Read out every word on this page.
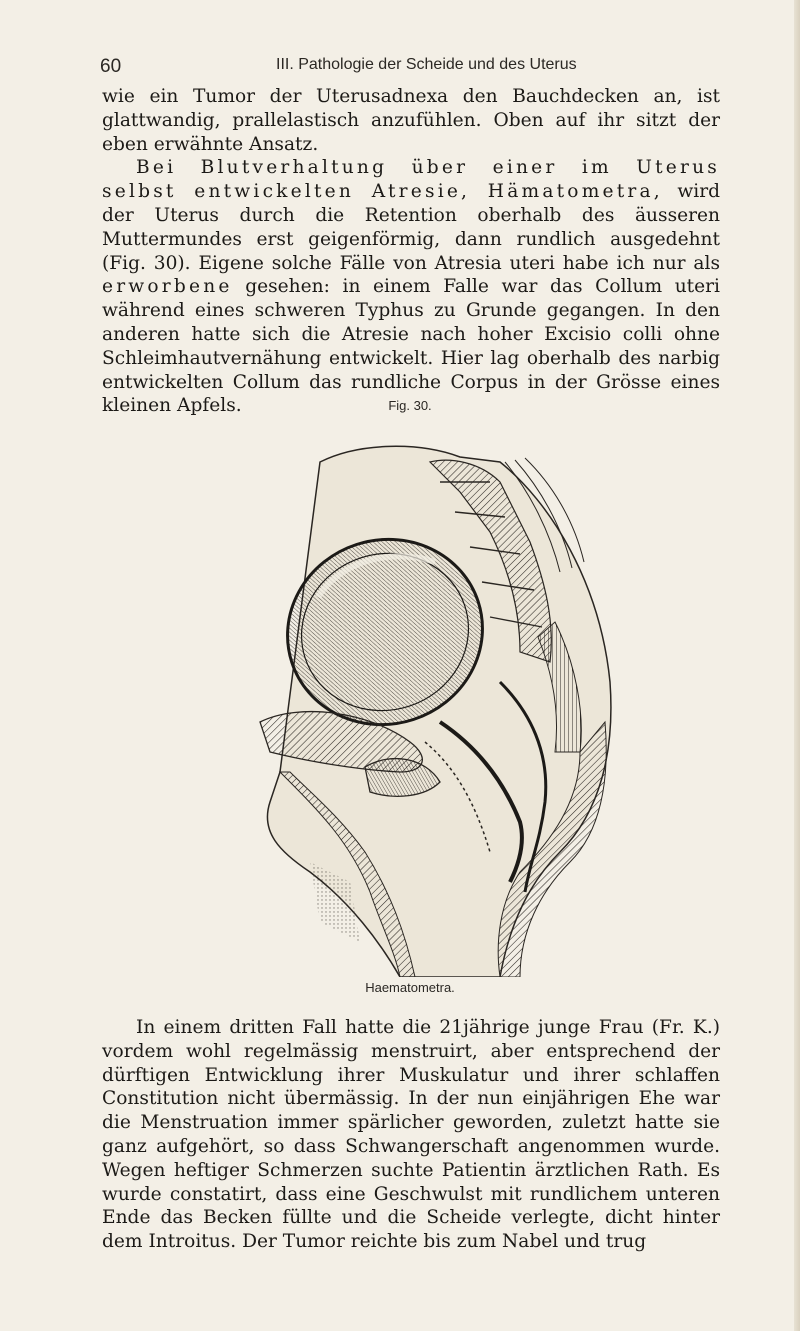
60	III. Pathologie der Scheide und des Uterus
wie ein Tumor der Uterusadnexa den Bauchdecken an, ist glattwandig, prallelastisch anzufühlen. Oben auf ihr sitzt der eben erwähnte Ansatz.
Bei Blutverhaltung über einer im Uterus selbst entwickelten Atresie, Hämatometra, wird der Uterus durch die Retention oberhalb des äusseren Muttermundes erst geigenförmig, dann rundlich ausgedehnt (Fig. 30). Eigene solche Fälle von Atresia uteri habe ich nur als erworbene gesehen: in einem Falle war das Collum uteri während eines schweren Typhus zu Grunde gegangen. In den anderen hatte sich die Atresie nach hoher Excisio colli ohne Schleimhautvernähung entwickelt. Hier lag oberhalb des narbig entwickelten Collum das rundliche Corpus in der Grösse eines kleinen Apfels.	Fig. 30.
Haematometra.
In einem dritten Fall hatte die 21jährige junge Frau (Fr. K.) vordem wohl regelmässig menstruirt, aber entsprechend der dürftigen Entwicklung ihrer Muskulatur und ihrer schlaffen Constitution nicht übermässig. In der nun einjährigen Ehe war die Menstruation immer spärlicher geworden, zuletzt hatte sie ganz aufgehört, so dass Schwangerschaft angenommen wurde. Wegen heftiger Schmerzen suchte Patientin ärztlichen Rath. Es wurde constatirt, dass eine Geschwulst mit rundlichem unteren Ende das Becken füllte und die Scheide verlegte, dicht hinter dem Introitus. Der Tumor reichte bis zum Nabel und trug
